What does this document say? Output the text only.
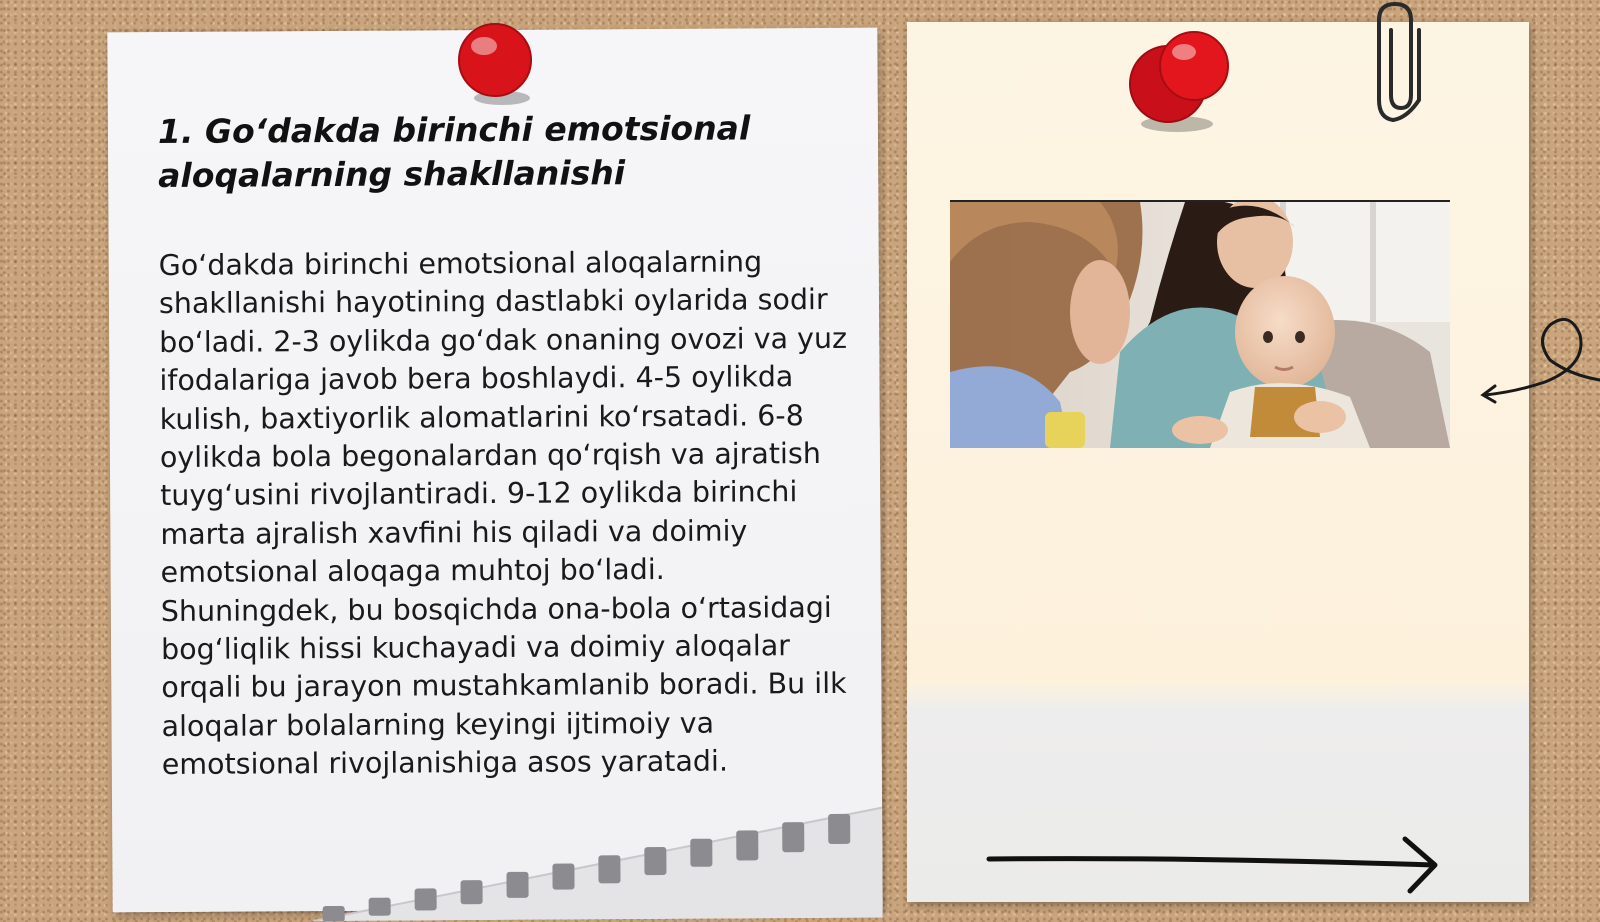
1. Go‘dakda birinchi emotsional aloqalarning shakllanishi

Go‘dakda birinchi emotsional aloqalarning shakllanishi hayotining dastlabki oylarida sodir bo‘ladi. 2-3 oylikda go‘dak onaning ovozi va yuz ifodalariga javob bera boshlaydi. 4-5 oylikda kulish, baxtiyorlik alomatlarini ko‘rsatadi. 6-8 oylikda bola begonalardan qo‘rqish va ajratish tuyg‘usini rivojlantiradi. 9-12 oylikda birinchi marta ajralish xavfini his qiladi va doimiy emotsional aloqaga muhtoj bo‘ladi. Shuningdek, bu bosqichda ona-bola o‘rtasidagi bog‘liqlik hissi kuchayadi va doimiy aloqalar orqali bu jarayon mustahkamlanib boradi. Bu ilk aloqalar bolalarning keyingi ijtimoiy va emotsional rivojlanishiga asos yaratadi.
